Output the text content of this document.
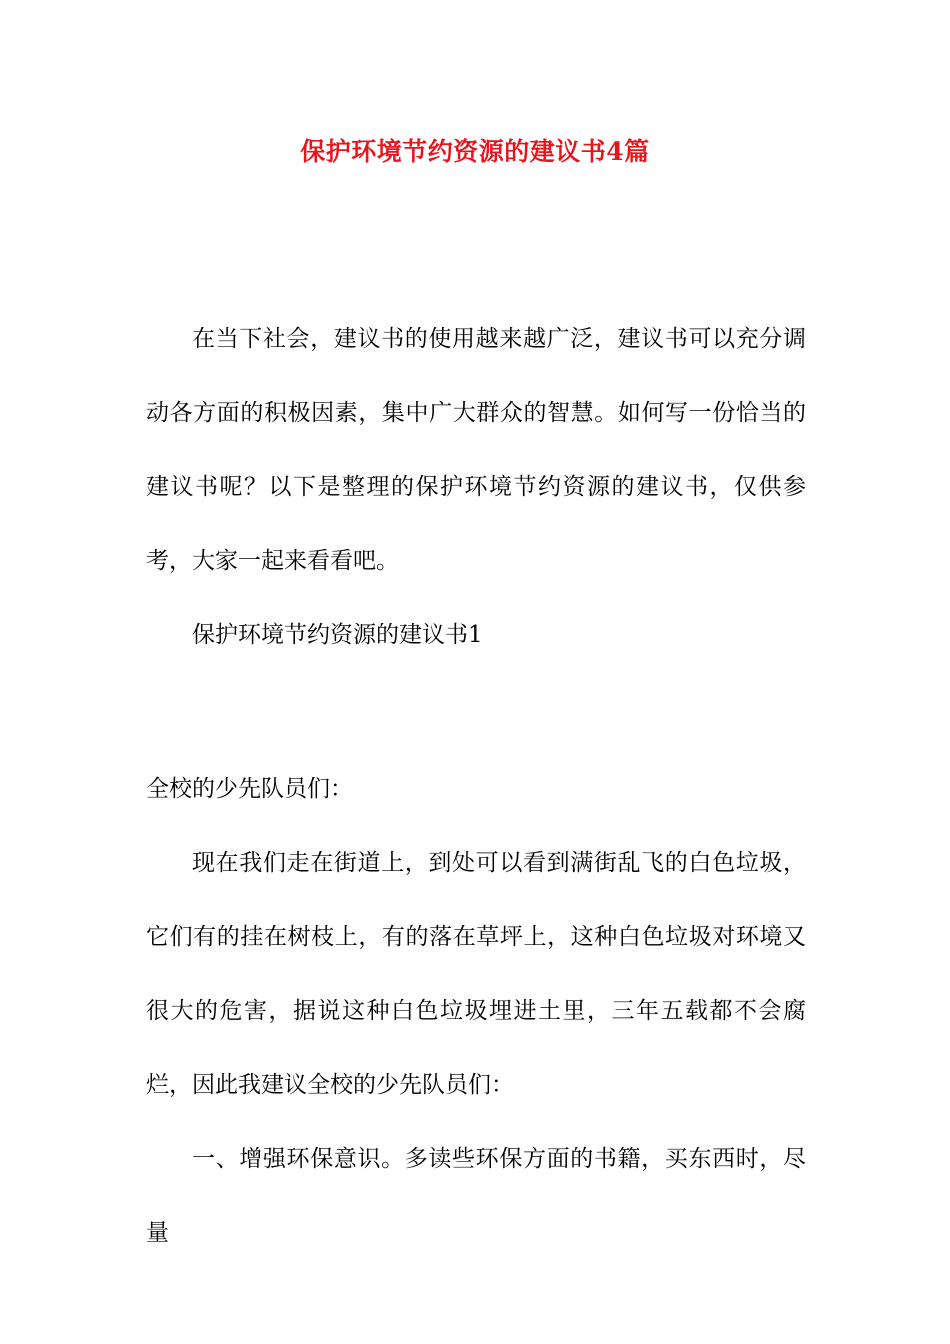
保护环境节约资源的建议书4篇

在当下社会，建议书的使用越来越广泛，建议书可以充分调动各方面的积极因素，集中广大群众的智慧。如何写一份恰当的建议书呢？以下是整理的保护环境节约资源的建议书，仅供参考，大家一起来看看吧。

保护环境节约资源的建议书1

全校的少先队员们：

现在我们走在街道上，到处可以看到满街乱飞的白色垃圾，它们有的挂在树枝上，有的落在草坪上，这种白色垃圾对环境又很大的危害，据说这种白色垃圾埋进土里，三年五载都不会腐烂，因此我建议全校的少先队员们：

一、增强环保意识。多读些环保方面的书籍，买东西时，尽量
